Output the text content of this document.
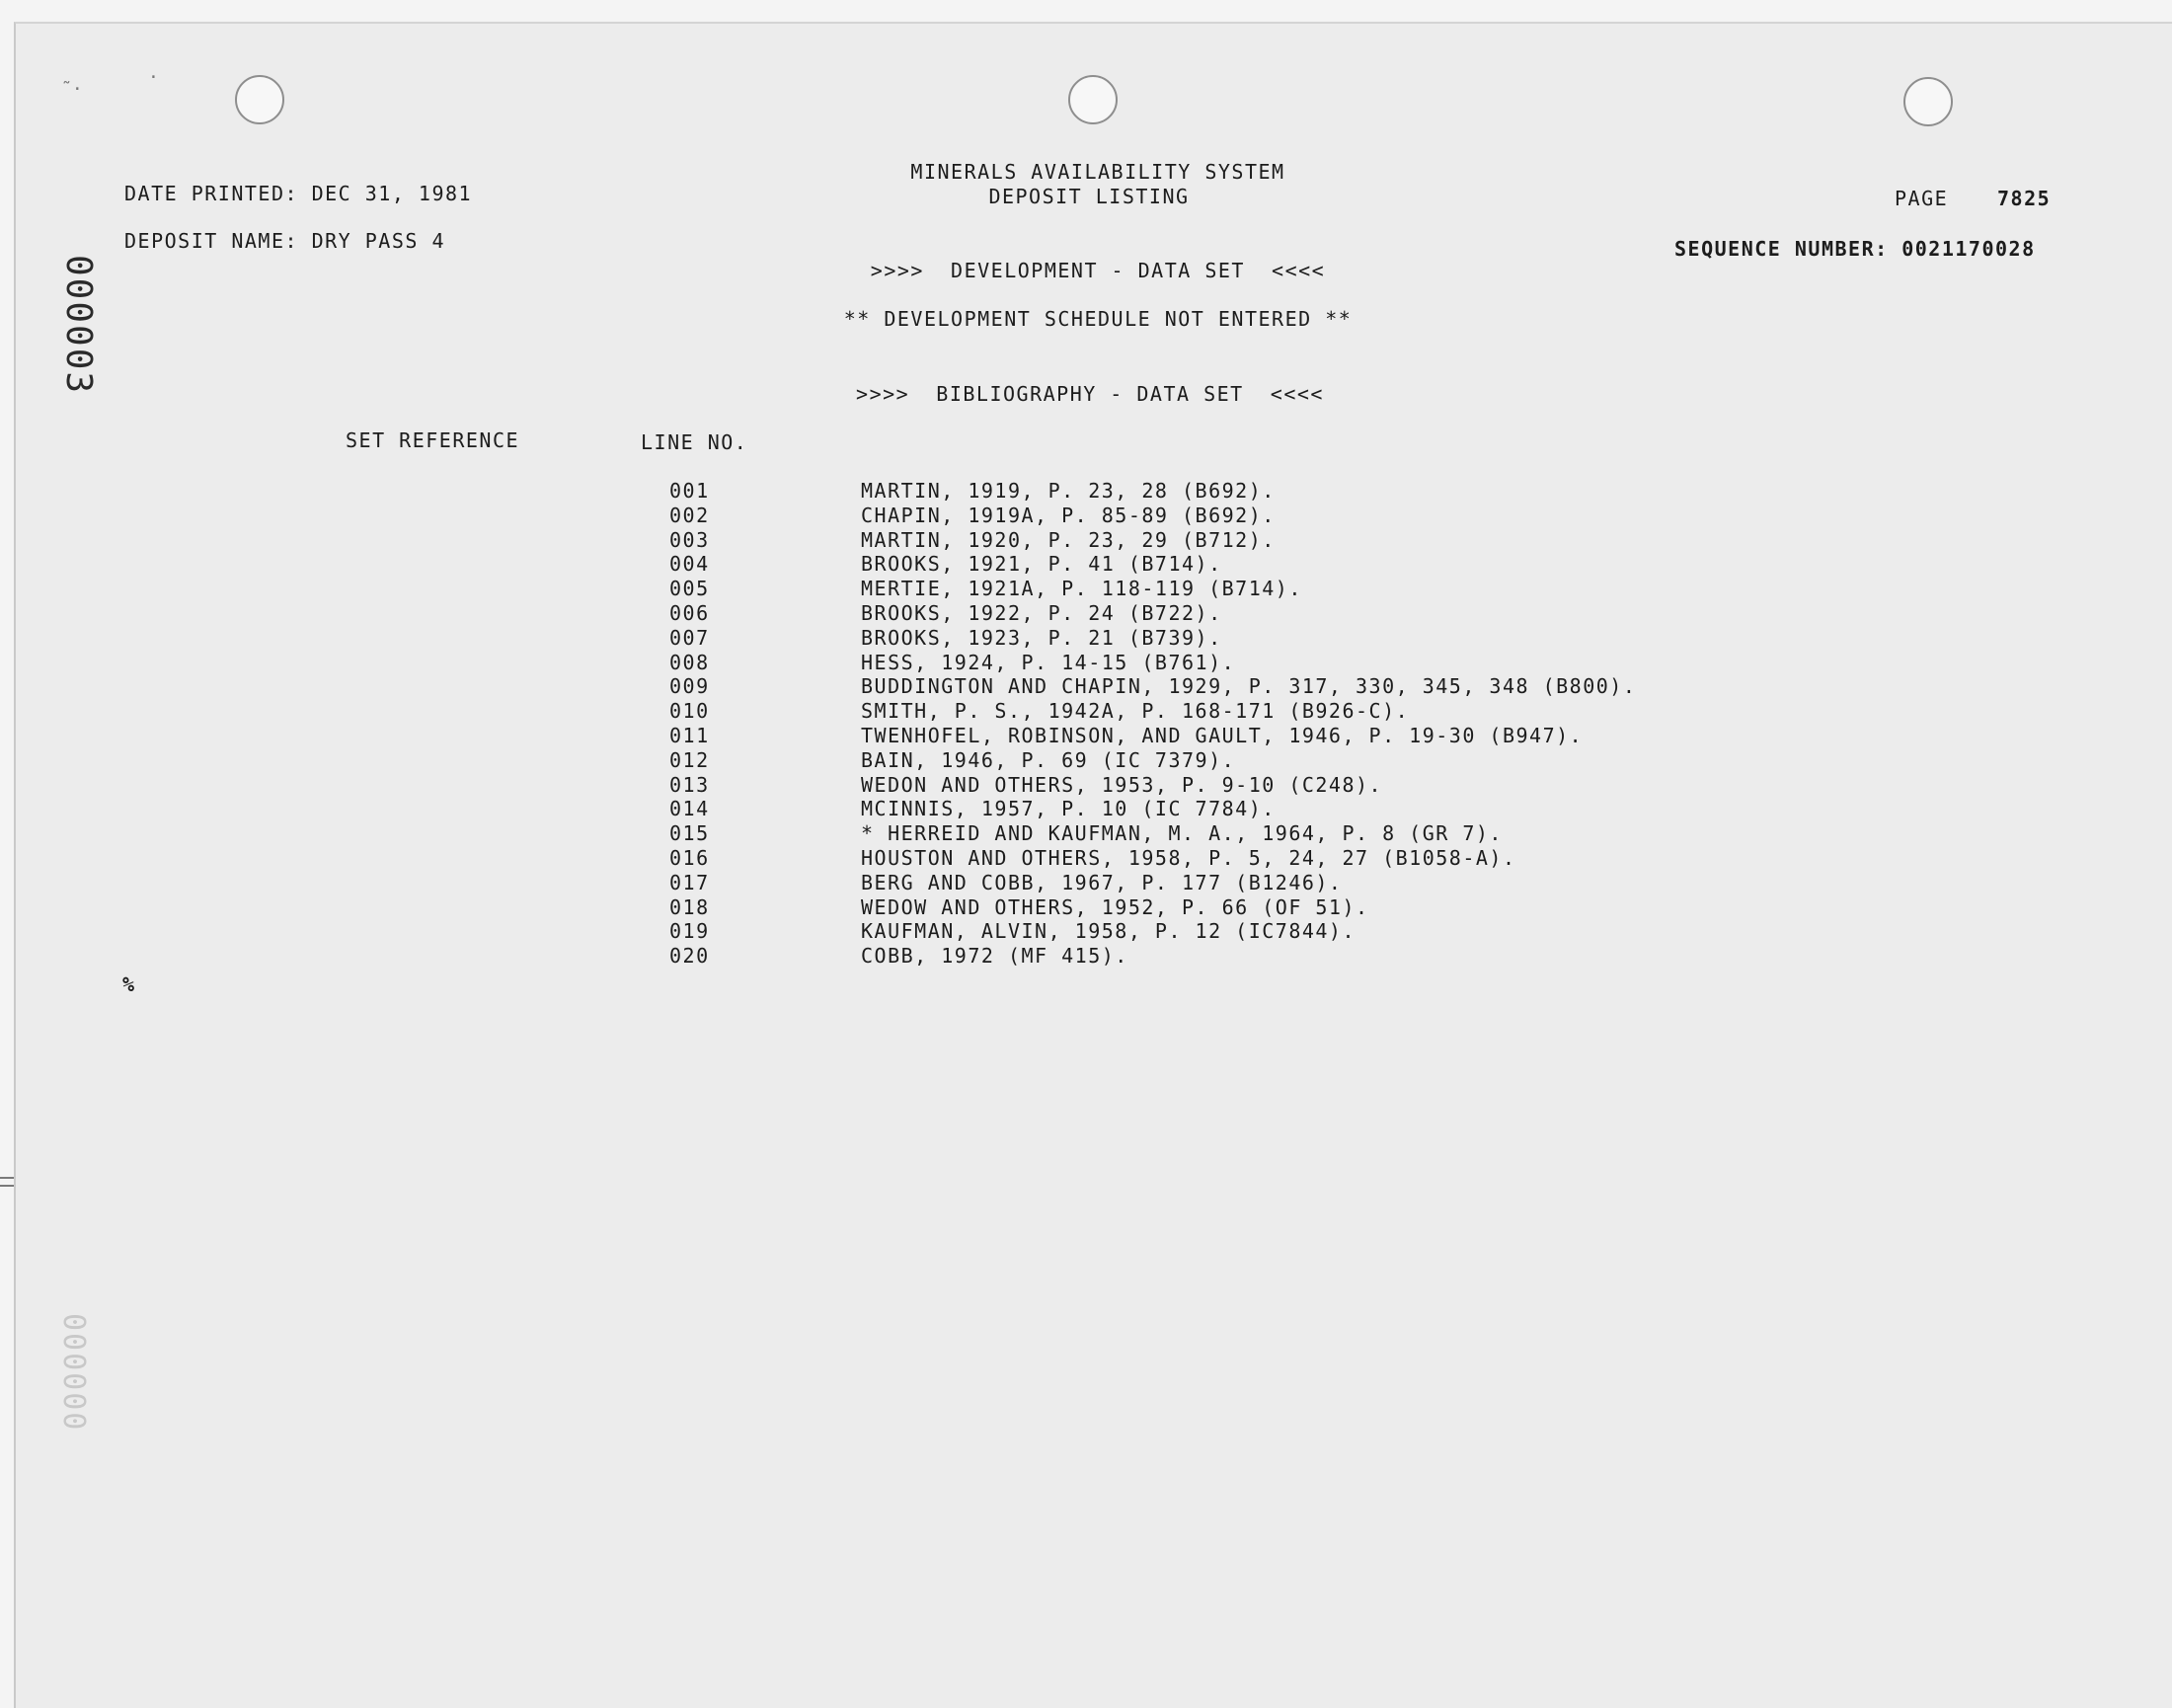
˜·
·
000003
000000
MINERALS AVAILABILITY SYSTEM
DEPOSIT LISTING
DATE PRINTED: DEC 31, 1981
DEPOSIT NAME: DRY PASS 4
PAGE 7825
SEQUENCE NUMBER: 0021170028
>>>>  DEVELOPMENT - DATA SET  <<<<
** DEVELOPMENT SCHEDULE NOT ENTERED **
>>>>  BIBLIOGRAPHY - DATA SET  <<<<
SET REFERENCE	LINE NO.
001	MARTIN, 1919, P. 23, 28 (B692).
002	CHAPIN, 1919A, P. 85-89 (B692).
003	MARTIN, 1920, P. 23, 29 (B712).
004	BROOKS, 1921, P. 41 (B714).
005	MERTIE, 1921A, P. 118-119 (B714).
006	BROOKS, 1922, P. 24 (B722).
007	BROOKS, 1923, P. 21 (B739).
008	HESS, 1924, P. 14-15 (B761).
009	BUDDINGTON AND CHAPIN, 1929, P. 317, 330, 345, 348 (B800).
010	SMITH, P. S., 1942A, P. 168-171 (B926-C).
011	TWENHOFEL, ROBINSON, AND GAULT, 1946, P. 19-30 (B947).
012	BAIN, 1946, P. 69 (IC 7379).
013	WEDON AND OTHERS, 1953, P. 9-10 (C248).
014	MCINNIS, 1957, P. 10 (IC 7784).
015	* HERREID AND KAUFMAN, M. A., 1964, P. 8 (GR 7).
016	HOUSTON AND OTHERS, 1958, P. 5, 24, 27 (B1058-A).
017	BERG AND COBB, 1967, P. 177 (B1246).
018	WEDOW AND OTHERS, 1952, P. 66 (OF 51).
019	KAUFMAN, ALVIN, 1958, P. 12 (IC7844).
020	COBB, 1972 (MF 415).
%
